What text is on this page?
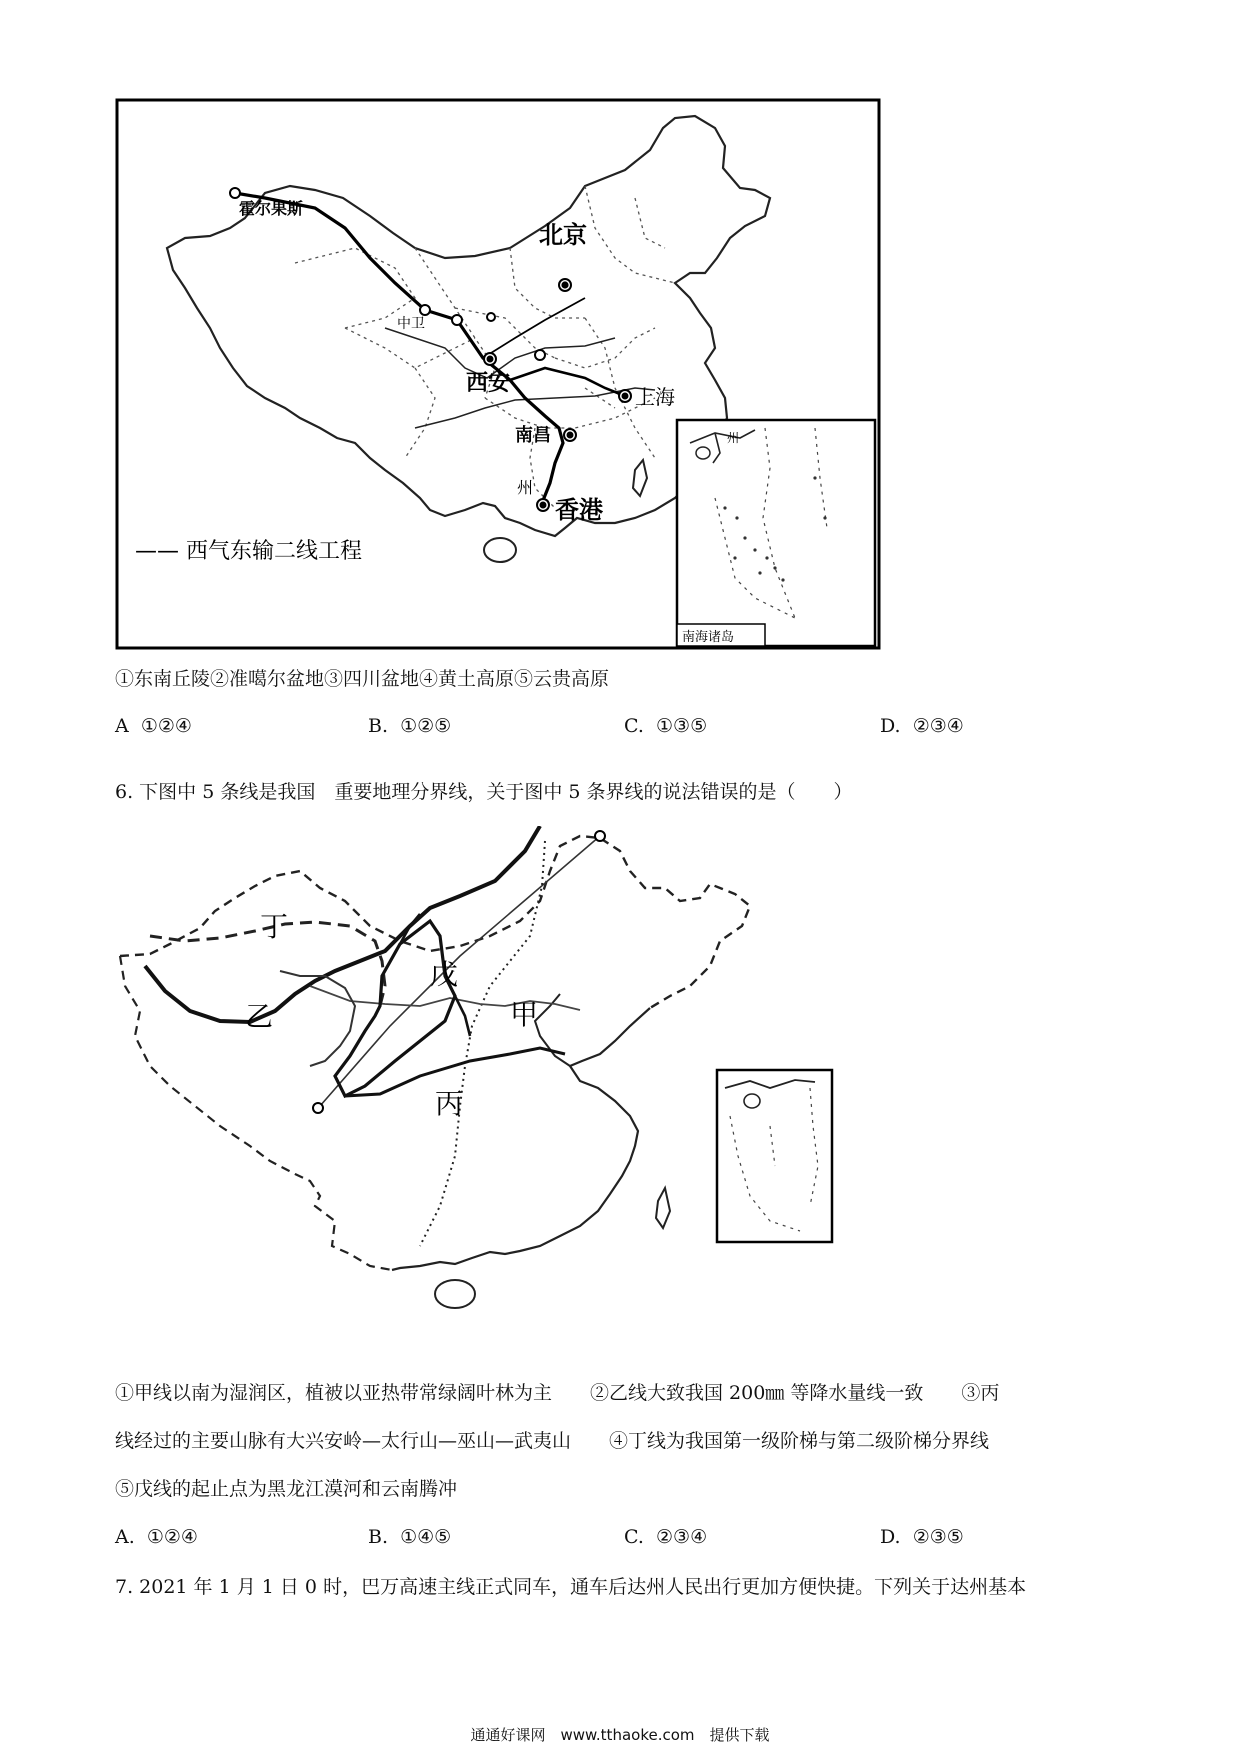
霍尔果斯
中卫
北京
西安
上海
南昌
州
香港
—— 西气东输二线工程
州
南海诸岛
①东南丘陵②准噶尔盆地③四川盆地④黄土高原⑤云贵高原
A ①②④	B. ①②⑤	C. ①③⑤	D. ②③④
6. 下图中 5 条线是我国　重要地理分界线，关于图中 5 条界线的说法错误的是（　　）
丁
戊
甲
乙
丙
①甲线以南为湿润区，植被以亚热带常绿阔叶林为主　　②乙线大致我国 200㎜ 等降水量线一致　　③丙
线经过的主要山脉有大兴安岭—太行山—巫山—武夷山　　④丁线为我国第一级阶梯与第二级阶梯分界线
⑤戊线的起止点为黑龙江漠河和云南腾冲
A. ①②④	B. ①④⑤	C. ②③④	D. ②③⑤
7. 2021 年 1 月 1 日 0 时，巴万高速主线正式同车，通车后达州人民出行更加方便快捷。下列关于达州基本
通通好课网　www.tthaoke.com　提供下载
